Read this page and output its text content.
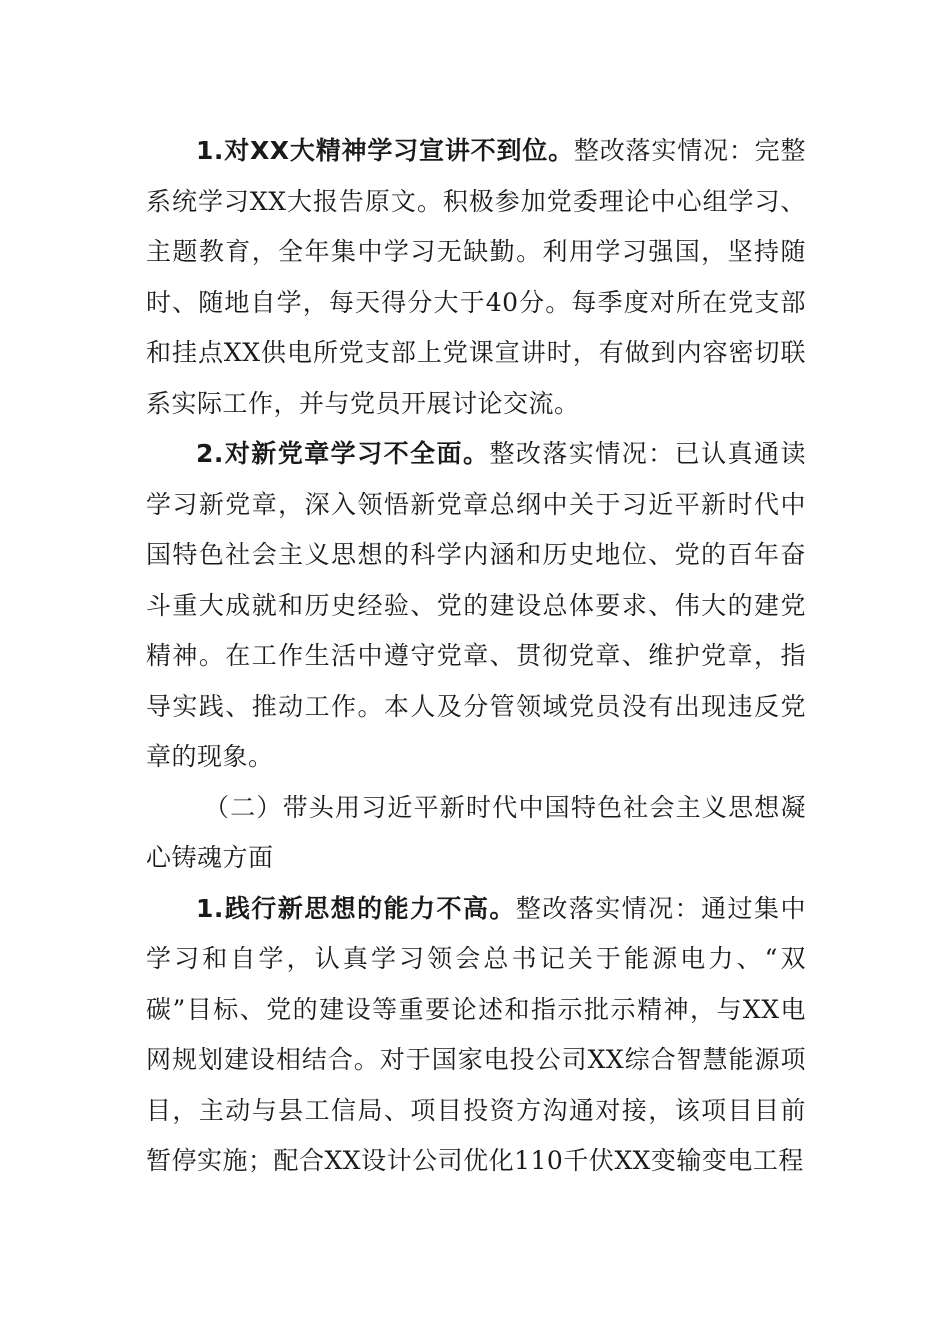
1.对XX大精神学习宣讲不到位。整改落实情况：完整系统学习XX大报告原文。积极参加党委理论中心组学习、主题教育，全年集中学习无缺勤。利用学习强国，坚持随时、随地自学，每天得分大于40分。每季度对所在党支部和挂点XX供电所党支部上党课宣讲时，有做到内容密切联系实际工作，并与党员开展讨论交流。

2.对新党章学习不全面。整改落实情况：已认真通读学习新党章，深入领悟新党章总纲中关于习近平新时代中国特色社会主义思想的科学内涵和历史地位、党的百年奋斗重大成就和历史经验、党的建设总体要求、伟大的建党精神。在工作生活中遵守党章、贯彻党章、维护党章，指导实践、推动工作。本人及分管领域党员没有出现违反党章的现象。

（二）带头用习近平新时代中国特色社会主义思想凝心铸魂方面

1.践行新思想的能力不高。整改落实情况：通过集中学习和自学，认真学习领会总书记关于能源电力、“双碳”目标、党的建设等重要论述和指示批示精神，与XX电网规划建设相结合。对于国家电投公司XX综合智慧能源项目，主动与县工信局、项目投资方沟通对接，该项目目前暂停实施；配合XX设计公司优化110千伏XX变输变电工程
